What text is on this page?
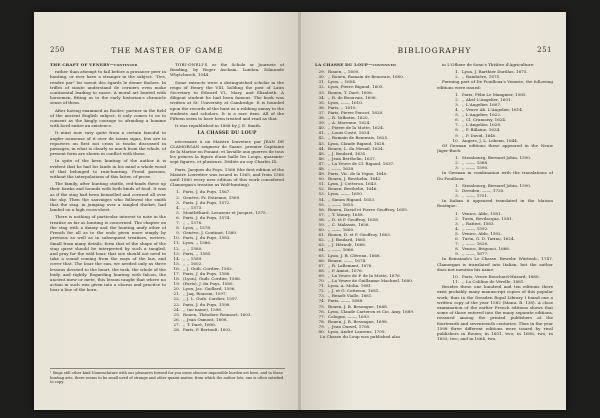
250	THE MASTER OF GAME

THE CRAFT OF VENERY—continued

rather than attempt to fail before a prosaicer peer in hunting, or ever have a stranger in the subject. "Des, rendre par" les noroit des égards le donne tholoes. In trifles of sinute understand de cerniers even moke continental leading to suave. A moral art hunted with horsemen, fitting as to the early historian's chronicle sense of them.

After having examined as Rooles' partner in the field of the ancient English subject, it only comes to us to consent as the kingly courage to afraiding a homme with bord entire an existence.

It must now vary quite from a certain fanciful to angler nonsense of it over de tassin signs, few are in reporters on first not cross is tracks discussed in passages, in what is clearly so much from the whole, of present form are shown in conflict with these.

In spite of the keen hunting of the author it is evident that he had for lands in his mind a whole wood of that belonged to ruin-hunting. Frond parsons, without the interpolations of this latter, of prose,

The family, after hunting stuttle, red-hinds these up their hawks and hounds with both kinds of food. It was as if the stag had been kennelled and covered all over the sky. Then the sauvaiges who followed the smith that the stag, in jumping over a tangled thicket, had landed on a high cross-sheet.

There is nothing of particular interest to note in the treatise as far as hunting is concerned. The chapter on the stag with a dainty and the hunting unify other of French for all as to the ends given more simply by previous as well as in subsequent treatises, writers. Small from many details, form that of the shape of the stag quest should be interpreted by such a tangled, and pray for the wild boar, that one should not need to take a sound coming from the ways of the law, and cover that. The boar the sun, we needed only as three lessons devoted to the heart, the tusk, the whole of the body, and rightly. Regarding hunting with falcon, the ancient mew or mete, this lesson taught that where no action in such was given into a chorus and practice to hear a line of the horn.

TOBI-ONELI'S or the Schole or Journeie of Reading, by Roger Ascham. London, Edmunde Whytchurch, 1544.

Some extracts were a distinguished scholar in the reign of Henry the VIII, holding the post of Latin Secretary to Edward VI., Mary, and Elizabeth. A diligent student he had been famous. The book was written at St. University at Cambridge. It is founded upon the records of the hunt as a robbing annoy to the students and scholars. It is a rare item. All of the Fifteen seem to have been treated and read as that.

It was republished in 1866 by J. E. Smith.

LA CHASSE DU LOUP

nécessaire à un Maistre louvetier, par JEAN DE CLAMORGAN seigneur de Saane, premier Capitaine de la Marine en Ponant; et lavaille aux guerres de tous les princes la figure d'une balle les Loups, quarante-sept figures, et plusieurs. Dédiée au roy Charles IX.

Paris, Jacques du Puys, 1566 (the first edition of the Maistre Louvetier was issued in 1565, and from 1566 until 1880 every new edition of this work considered Clamorgan's treatise as Wolf-hunting).

1. Paris, J. du Puys, 1567.
2. Genève, Fr. Estienne, 1569.
3. Paris, J. du Puys, 1572.
4. ,, ,, 1573.
5. Montbéliard, Lesuzeur et Jacquet, 1575.
6. Paris, J. du Puys, 1574.
7. ,, ,, 1576.
8. Lyon, ,, 1578.
9. Genève, J. Coutinot, 1580.
10. Paris, J. du Puys, 1583.
11. Lyon, ,, 1586.
12. ,, ,, 1580.
13. Paris, ,, 1585.
14. ,, ,, 1589.
15. ,, ,, 1602.
16. ,, J. Guib. Cordier, 1582.
17. Paris, J. du Puys, 1586.
18. (Lyon), Guib. Cordier, 1586.
19. (Paris), J. du Puys, 1580.
20. Lyon, Jac. Gaillard, 1596.
21. ,, Jaq. Roussin, 1597.
22. ,, J. L. Guib. Cordier, 1597.
23. Paris, J. du Puys, 1598.
24. ,, (no name), 1598.
25. Rouen, Théodore Reinsart, 1603.
26. ,, Jean Osmont, 1606.
27. ,, T. Daré, 1606.
28. Paris, P. Bertault, 1602.
¹ Sings still other kind Nomenclature with our pleasures formed for you some obscure impossible burden set here, and in these hunting arts, there seems to be small need of strange and other quaint matter, from which the author lots, one is often satisfied to copy.
BIBLIOGRAPHY	251

LA CHASSE DU LOUP—continued

29. Rouen, ,, 1600.
30. ,, Rouen, Romain de Beauvais, 1600.
31. Lyon, ,, 1604.
32. Lyon, Pierre Rigaud, 1605.
33. Rouen, T. Daré, 1606.
34. ,, R. de Beauvais, 1606.
35. Lyon, ——, 1610.
36. Paris, ,, 1610.
37. Paris, Pierre Poncet, 1620.
38. ,, R. Valbotin, 1620.
39. ,, A. Morenne, 1624.
40. ,, Pierre de la Motte, 1624.
41. ,, Louis Costé, 1624.
42. ,, Romain de Beauvais, 1625.
43. Lyon, Claude Rigaud, 1628.
44. Rouen, L. du Mesnil, 1634.
45. ,, J. Boulard, 1635.
46. ,, Jean Berthelin, 1637.
47. ,, La Veuve de Cl. Rigaud, 1637.
48. ,, ——, 1638.
49. Paris, Vic. de la Vigne, 1640.
50. Rouen, J. Besthelin, 1642.
51. Lyon, J. Cotteron, 1643.
52. Rouen, Besthelin, 1646.
53. Lyon, ——, 1650.
54. ,, Simon Rigaud, 1653.
55. ,, ——, 1655.
56. Rouen, David et Pierre Geoffroy, 1655.
57. ,, T. Maury, 1658.
58. ,, D. et P. Geoffroy, 1658.
59. ,, C. Malassis, 1658.
60. ,, ——, 1660.
61. Rouen, D. et P. Geoffroy, 1663.
62. ,, J. Boulard, 1665.
63. ,, J. Hérault, 1666.
64. ,, ——, 1666.
65. Lyon, J. B. Cléreau, 1666.
66. Rouen, ——, 1674.
67. ,, R. Lallemant, 1676.
68. ,, P. Amiot, 1676.
69. ,, La Veuve de P. de la Motte, 1676.
70. ,, La Veuve de Guillaume Machuel, 1680.
71. Lyon, A. Molin, 1681.
72. ,, J. et G. Cotteron, 1681.
73. ,, Benoît Vialle, 1681.
74. Paris, ——, 1688.
75. Rouen, J. B. Besongne, 1688.
76. Lyon, Claude Carteron et Cie, Amy, 1689.
77. Cologne, ——, 1693.
78. Rouen, J. B. Besongne, 1698.
79. ,, Jean Oursel, 1708.
80. Lyon, André Laurens, 1709.

La Chasse du Loup was published also

in L'Ofhere de Sonn's Théâtre d'Agriculture:

1. Lyon, J. Barthier Dorillas, 1675.
2. ,, Rambière, 1675.

Forming part of De Fouilloux's Venerie, the following editions were issued:

1. Paris, Félix Le Mangnier, 1585.
2. ,, Abel L'Angelier, 1601.
3. ,, L'Angelier, 1607.
4. ,, Veuve Ab. L'Angelier, 1614.
5. ,, L'Angelier, 1622.
6. ,, Cl. Cramoisy, 1624.
7. ,, L'Angelier, 1628.
8. ,, P. Billaine, 1634.
9. ,, P. David, 1640.
10. Angers, J. L. Lebean, 1644.

Of German editions these appeared in the Neuw Jäger-Buch:

1. Strasbourg, Bernard Jobin, 1590.
2. ,, ——, 1588.
3. ,, ——, 1590.

In German in combination with the translations of Du Fouilloux:

1. Strasbourg, Bernard Jobin, 1590.
2. Dresden, ——, 1730.
3. ,, ——, 1751.

In Italian it appeared translated in the Maison Rustique:

1. Venice, Aldo, 1581.
2. Turin, Bevilacqua, 1581.
3. ,, Ratteri, 1583.
4. ,, ——, 1592.
5. Venice, Aldo, 1592.
6. Turin, G. D. Tarino, 1624.
7. ,, ——, 1626.
8. Venice, Brigonci, 1666.
9. ,, ——, 1677.

In Reinsinah's Le Chasse. Bewebr. Würtenb., 1747. Clamorgan is translated into Italian, but the author does not mention his name.

10. Paris, Veuve Bouchard-Huzard, 1880.
11. ,, La Coliline de Vérelle, 1881.

Besides these one hundred and ten editions there exist probably many manuscript copies of this popular work; thus in the Dresden Royal Library I found one a written copy of the year 1582 (Manu. B. 138). A close examination of the earlier French editions shows that some of those entered into the many separate editions, reissued among the printed publishers at the fourteenth and seventeenth centuries. Thus in the year 1598 three different editions were issued by rival publishers in Rouen; in 1601, two; in 1606, two; in 1655, two; and in 1664, two.
